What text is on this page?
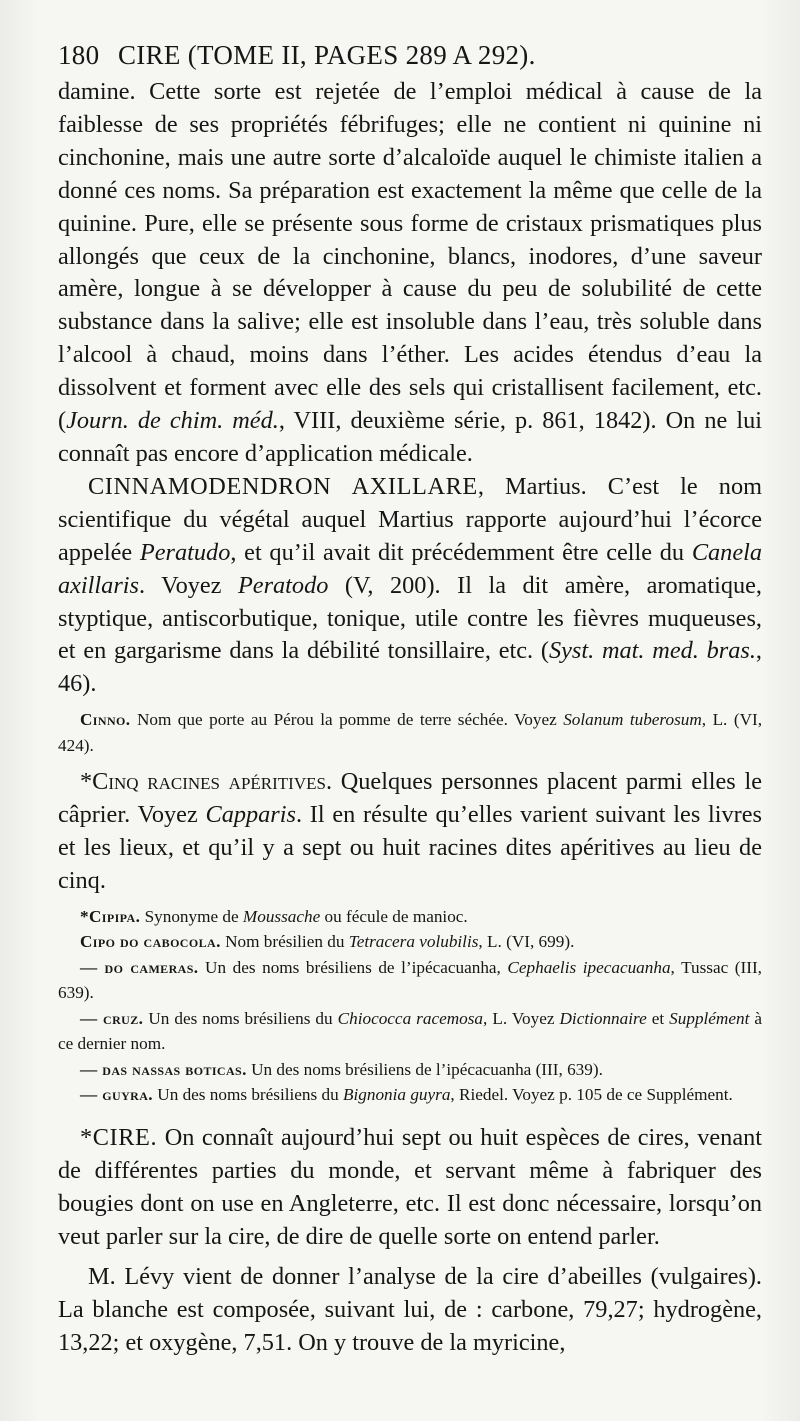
180 CIRE (TOME II, PAGES 289 A 292).

damine. Cette sorte est rejetée de l’emploi médical à cause de la faiblesse de ses propriétés fébrifuges; elle ne contient ni quinine ni cinchonine, mais une autre sorte d’alcaloïde auquel le chimiste italien a donné ces noms. Sa préparation est exactement la même que celle de la quinine. Pure, elle se présente sous forme de cristaux prismatiques plus allongés que ceux de la cinchonine, blancs, inodores, d’une saveur amère, longue à se développer à cause du peu de solubilité de cette substance dans la salive; elle est insoluble dans l’eau, très soluble dans l’alcool à chaud, moins dans l’éther. Les acides étendus d’eau la dissolvent et forment avec elle des sels qui cristallisent facilement, etc. (Journ. de chim. méd., VIII, deuxième série, p. 861, 1842). On ne lui connaît pas encore d’application médicale.

CINNAMODENDRON AXILLARE, Martius. C’est le nom scientifique du végétal auquel Martius rapporte aujourd’hui l’écorce appelée Peratudo, et qu’il avait dit précédemment être celle du Canela axillaris. Voyez Peratodo (V, 200). Il la dit amère, aromatique, styptique, antiscorbutique, tonique, utile contre les fièvres muqueuses, et en gargarisme dans la débilité tonsillaire, etc. (Syst. mat. med. bras., 46).

Cinno. Nom que porte au Pérou la pomme de terre séchée. Voyez Solanum tuberosum, L. (VI, 424).

*Cinq racines apéritives. Quelques personnes placent parmi elles le câprier. Voyez Capparis. Il en résulte qu’elles varient suivant les livres et les lieux, et qu’il y a sept ou huit racines dites apéritives au lieu de cinq.

*Cipipa. Synonyme de Moussache ou fécule de manioc.

Cipo do cabocola. Nom brésilien du Tetracera volubilis, L. (VI, 699).

— do cameras. Un des noms brésiliens de l’ipécacuanha, Cephaelis ipecacuanha, Tussac (III, 639).

— cruz. Un des noms brésiliens du Chiococca racemosa, L. Voyez Dictionnaire et Supplément à ce dernier nom.

— das nassas boticas. Un des noms brésiliens de l’ipécacuanha (III, 639).

— guyra. Un des noms brésiliens du Bignonia guyra, Riedel. Voyez p. 105 de ce Supplément.

*CIRE. On connaît aujourd’hui sept ou huit espèces de cires, venant de différentes parties du monde, et servant même à fabriquer des bougies dont on use en Angleterre, etc. Il est donc nécessaire, lorsqu’on veut parler sur la cire, de dire de quelle sorte on entend parler.

M. Lévy vient de donner l’analyse de la cire d’abeilles (vulgaires). La blanche est composée, suivant lui, de : carbone, 79,27; hydrogène, 13,22; et oxygène, 7,51. On y trouve de la myricine,
